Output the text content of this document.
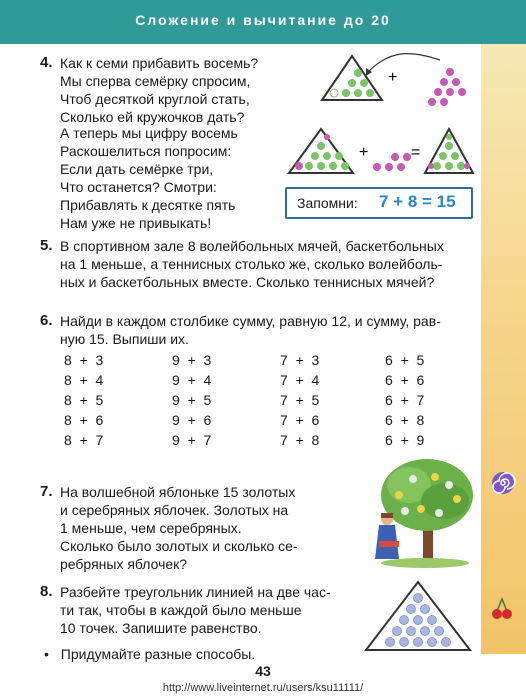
Сложение и вычитание до 20
4. Как к семи прибавить восемь?
Мы сперва семёрку спросим,
Чтоб десяткой круглой стать,
Сколько ей кружочков дать?
А теперь мы цифру восемь
Раскошелиться попросим:
Если дать семёрке три,
Что останется? Смотри:
Прибавлять к десятке пять
Нам уже не привыкать!
+
+	=
Запомни: 7 + 8 = 15
5. В спортивном зале 8 волейбольных мячей, баскетбольных
на 1 меньше, а теннисных столько же, сколько волейболь-
ных и баскетбольных вместе. Сколько теннисных мячей?
6. Найди в каждом столбике сумму, равную 12, и сумму, рав-
ную 15. Выпиши их.
8  +  3
8  +  4
8  +  5
8  +  6
8  +  7
9  +  3
9  +  4
9  +  5
9  +  6
9  +  7
7  +  3
7  +  4
7  +  5
7  +  6
7  +  8
6  +  5
6  +  6
6  +  7
6  +  8
6  +  9
7. На волшебной яблоньке 15 золотых
и серебряных яблочек. Золотых на
1 меньше, чем серебряных.
Сколько было золотых и сколько се-
ребряных яблочек?
8. Разбейте треугольник линией на две час-
ти так, чтобы в каждой было меньше
10 точек. Запишите равенство.
• Придумайте разные способы.
43
http://www.liveinternet.ru/users/ksu11111/
